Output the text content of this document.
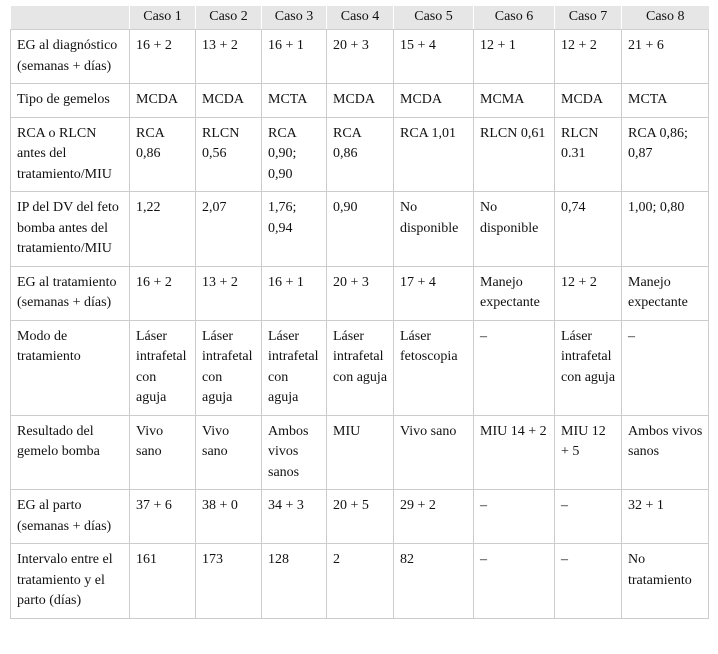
	Caso 1	Caso 2	Caso 3	Caso 4	Caso 5	Caso 6	Caso 7	Caso 8
EG al diagnóstico (semanas + días)	16 + 2	13 + 2	16 + 1	20 + 3	15 + 4	12 + 1	12 + 2	21 + 6
Tipo de gemelos	MCDA	MCDA	MCTA	MCDA	MCDA	MCMA	MCDA	MCTA
RCA o RLCN antes del tratamiento/MIU	RCA 0,86	RLCN 0,56	RCA 0,90; 0,90	RCA 0,86	RCA 1,01	RLCN 0,61	RLCN 0.31	RCA 0,86; 0,87
IP del DV del feto bomba antes del tratamiento/MIU	1,22	2,07	1,76; 0,94	0,90	No disponible	No disponible	0,74	1,00; 0,80
EG al tratamiento (semanas + días)	16 + 2	13 + 2	16 + 1	20 + 3	17 + 4	Manejo expectante	12 + 2	Manejo expectante
Modo de tratamiento	Láser intrafetal con aguja	Láser intrafetal con aguja	Láser intrafetal con aguja	Láser intrafetal con aguja	Láser fetoscopia	–	Láser intrafetal con aguja	–
Resultado del gemelo bomba	Vivo sano	Vivo sano	Ambos vivos sanos	MIU	Vivo sano	MIU 14 + 2	MIU 12 + 5	Ambos vivos sanos
EG al parto (semanas + días)	37 + 6	38 + 0	34 + 3	20 + 5	29 + 2	–	–	32 + 1
Intervalo entre el tratamiento y el parto (días)	161	173	128	2	82	–	–	No tratamiento
